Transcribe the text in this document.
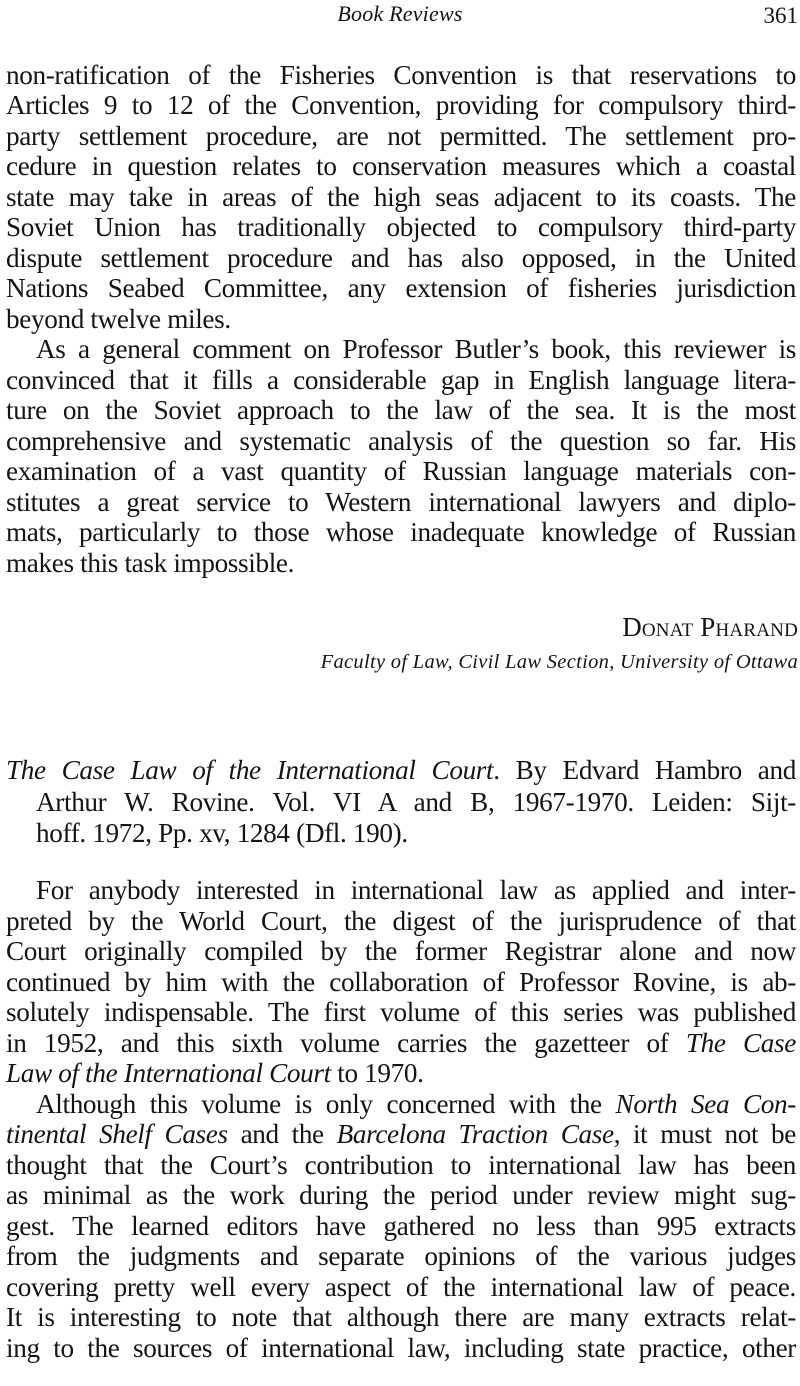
Book Reviews	361
non-ratification of the Fisheries Convention is that reservations to
Articles 9 to 12 of the Convention, providing for compulsory third-
party settlement procedure, are not permitted. The settlement pro-
cedure in question relates to conservation measures which a coastal
state may take in areas of the high seas adjacent to its coasts. The
Soviet Union has traditionally objected to compulsory third-party
dispute settlement procedure and has also opposed, in the United
Nations Seabed Committee, any extension of fisheries jurisdiction
beyond twelve miles.
As a general comment on Professor Butler’s book, this reviewer is
convinced that it fills a considerable gap in English language litera-
ture on the Soviet approach to the law of the sea. It is the most
comprehensive and systematic analysis of the question so far. His
examination of a vast quantity of Russian language materials con-
stitutes a great service to Western international lawyers and diplo-
mats, particularly to those whose inadequate knowledge of Russian
makes this task impossible.
Donat Pharand
Faculty of Law, Civil Law Section, University of Ottawa
The Case Law of the International Court. By Edvard Hambro and
Arthur W. Rovine. Vol. VI A and B, 1967-1970. Leiden: Sijt-
hoff. 1972, Pp. xv, 1284 (Dfl. 190).
For anybody interested in international law as applied and inter-
preted by the World Court, the digest of the jurisprudence of that
Court originally compiled by the former Registrar alone and now
continued by him with the collaboration of Professor Rovine, is ab-
solutely indispensable. The first volume of this series was published
in 1952, and this sixth volume carries the gazetteer of The Case
Law of the International Court to 1970.
Although this volume is only concerned with the North Sea Con-
tinental Shelf Cases and the Barcelona Traction Case, it must not be
thought that the Court’s contribution to international law has been
as minimal as the work during the period under review might sug-
gest. The learned editors have gathered no less than 995 extracts
from the judgments and separate opinions of the various judges
covering pretty well every aspect of the international law of peace.
It is interesting to note that although there are many extracts relat-
ing to the sources of international law, including state practice, other
